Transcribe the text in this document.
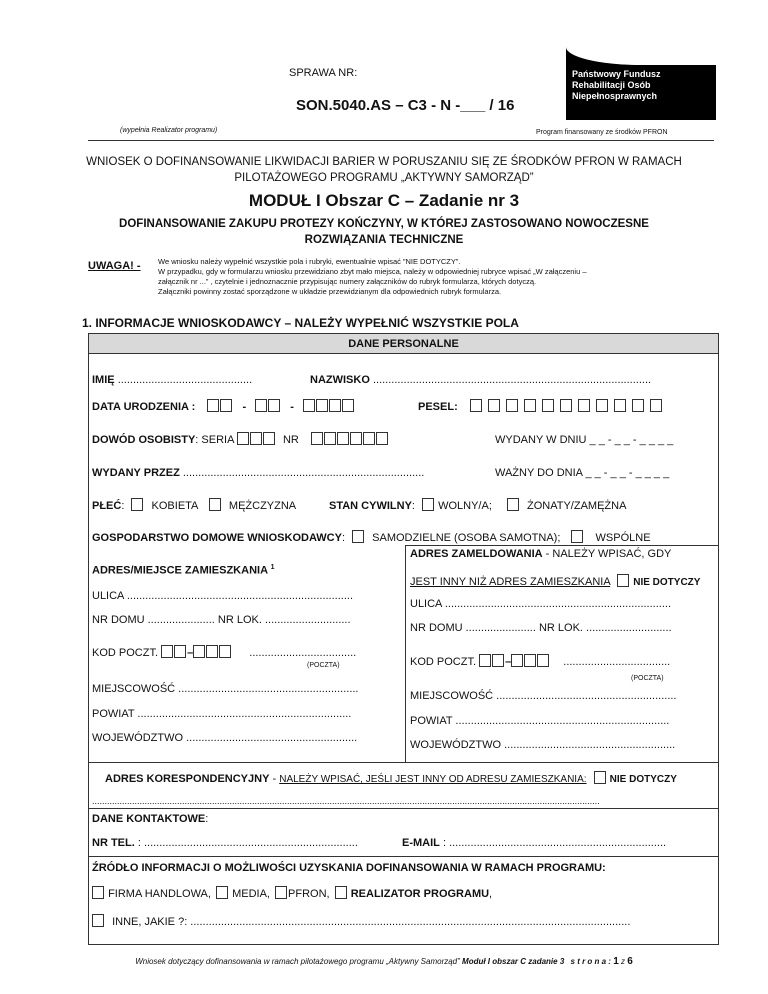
SPRAWA NR:
SON.5040.AS – C3 - N -___ / 16
(wypełnia Realizator programu)	Program finansowany ze środków PFRON
Państwowy Fundusz
Rehabilitacji Osób
Niepełnosprawnych
WNIOSEK O DOFINANSOWANIE LIKWIDACJI BARIER W PORUSZANIU SIĘ ZE ŚRODKÓW PFRON W RAMACH
PILOTAŻOWEGO PROGRAMU „AKTYWNY SAMORZĄD”
MODUŁ I Obszar C – Zadanie nr 3
DOFINANSOWANIE ZAKUPU PROTEZY KOŃCZYNY, W KTÓREJ ZASTOSOWANO NOWOCZESNE
ROZWIĄZANIA TECHNICZNE
UWAGA! - We wniosku należy wypełnić wszystkie pola i rubryki, ewentualnie wpisać ”NIE DOTYCZY”.
W przypadku, gdy w formularzu wniosku przewidziano zbyt mało miejsca, należy w odpowiedniej rubryce wpisać „W załączeniu –
załącznik nr ...” , czytelnie i jednoznacznie przypisując numery załączników do rubryk formularza, których dotyczą.
Załączniki powinny zostać sporządzone w układzie przewidzianym dla odpowiednich rubryk formularza.
1. INFORMACJE WNIOSKODAWCY – NALEŻY WYPEŁNIĆ WSZYSTKIE POLA
DANE PERSONALNE
IMIĘ ............................................	NAZWISKO ...........................................................................................
DATA URODZENIA :	-	-	PESEL:
DOWÓD OSOBISTY: SERIA	NR	WYDANY W DNIU _ _ - _ _ - _ _ _ _
WYDANY PRZEZ ...............................................................................	WAŻNY DO DNIA _ _ - _ _ - _ _ _ _
PŁEĆ:  KOBIETA	MĘŻCZYZNA	STAN CYWILNY:  WOLNY/A;	ŻONATY/ZAMĘŻNA
GOSPODARSTWO DOMOWE WNIOSKODAWCY:  SAMODZIELNE (OSOBA SAMOTNA);	WSPÓLNE
ADRES/MIEJSCE ZAMIESZKANIA $^1$
ULICA ..........................................................................
NR DOMU ...................... NR LOK. ............................
KOD POCZT.	–	...................................
(POCZTA)
MIEJSCOWOŚĆ ...........................................................
POWIAT ......................................................................
WOJEWÓDZTWO ........................................................
ADRES ZAMELDOWANIA - NALEŻY WPISAĆ, GDY
JEST INNY NIŻ ADRES ZAMIESZKANIA NIE DOTYCZY
ULICA ..........................................................................
NR DOMU ....................... NR LOK. ............................
KOD POCZT.	–	...................................
(POCZTA)
MIEJSCOWOŚĆ ...........................................................
POWIAT ......................................................................
WOJEWÓDZTWO ........................................................
ADRES KORESPONDENCYJNY - NALEŻY WPISAĆ, JEŚLI JEST INNY OD ADRESU ZAMIESZKANIA: NIE DOTYCZY
...........................................................................................................................................................................................................
DANE KONTAKTOWE:
NR TEL. : ......................................................................	E-MAIL : .......................................................................
ŹRÓDŁO INFORMACJI O MOŻLIWOŚCI UZYSKANIA DOFINANSOWANIA W RAMACH PROGRAMU:
FIRMA HANDLOWA, MEDIA, PFRON, REALIZATOR PROGRAMU,
INNE, JAKIE ?: ................................................................................................................................................
Wniosek dotyczący dofinansowania w ramach pilotażowego programu „Aktywny Samorząd” Moduł I obszar C zadanie 3 s t r o n a : 1 z 6
